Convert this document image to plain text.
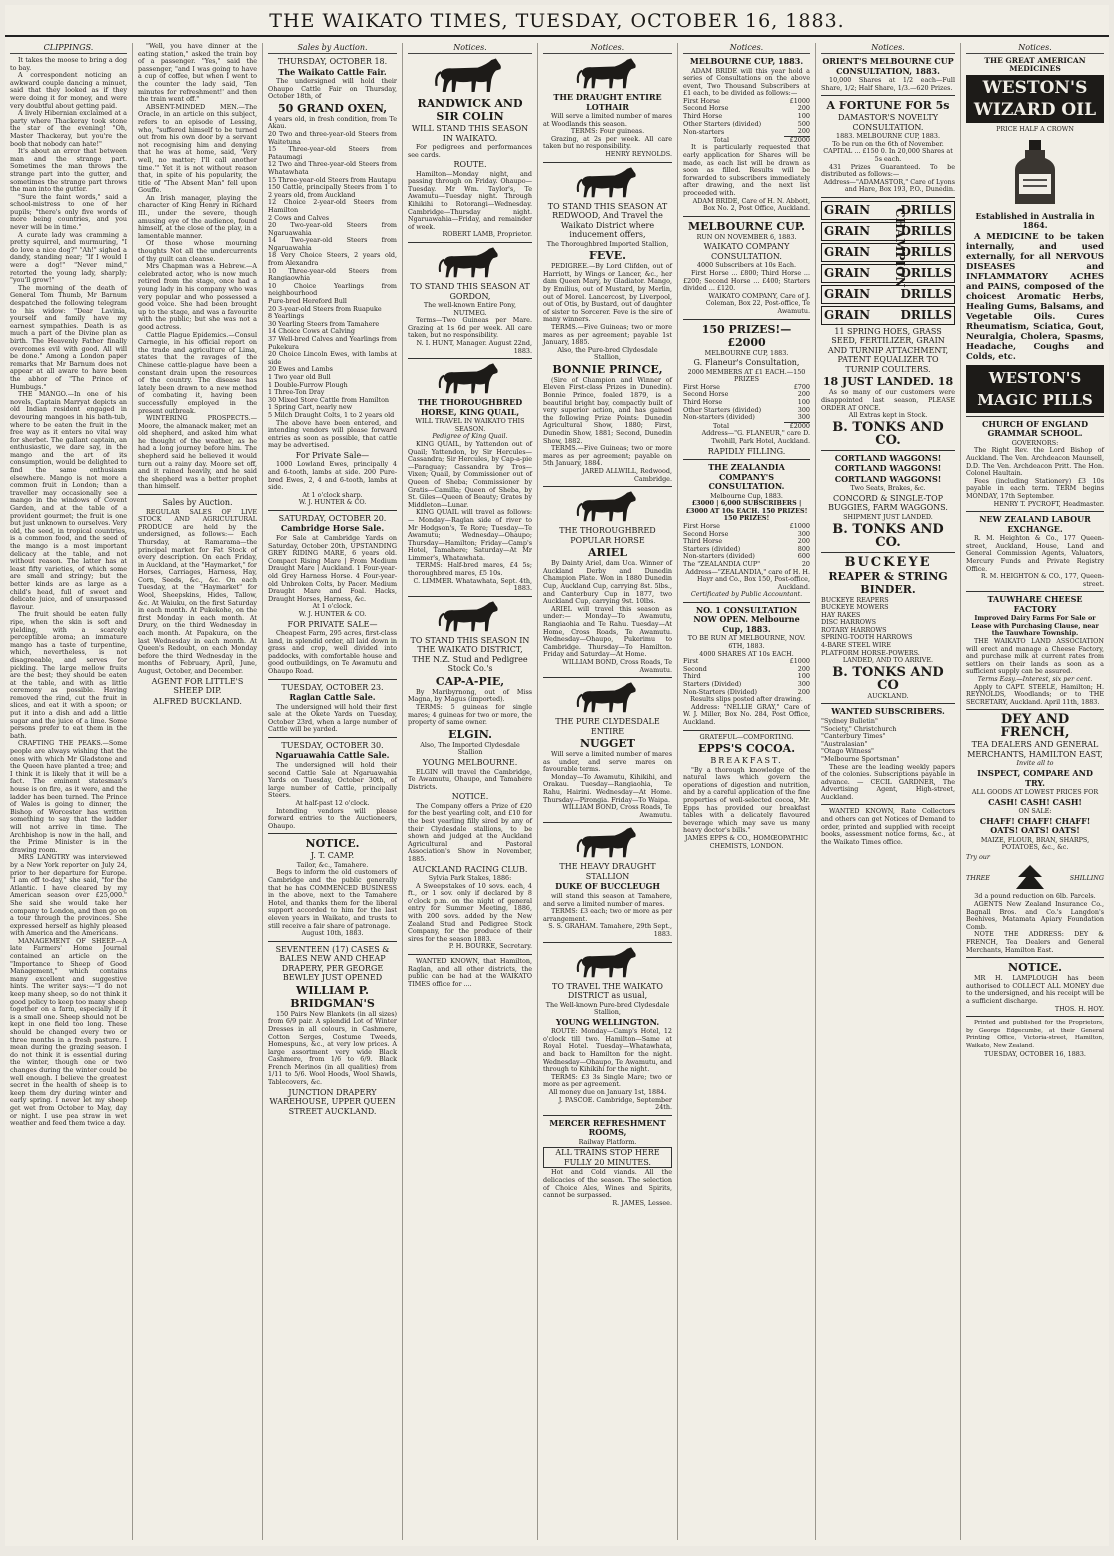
THE WAIKATO TIMES, TUESDAY, OCTOBER 16, 1883.
CLIPPINGS.

It takes the moose to bring a dog to bay.

A correspondent noticing an awkward couple dancing a minuet, said that they looked as if they were doing it for money, and were very doubtful about getting paid.

A lively Hibernian exclaimed at a party where Thackeray took stone the star of the evening! "Oh, Master Thackeray, but you're the boob that nobody can hate!"

It's about an error that between man and the strange part. Sometimes the man throws the strange part into the gutter, and sometimes the strange part throws the man into the gutter.

"Sure the faint words," said a school-mistress to one of her pupils; "there's only five words of more being countries, and you never will be in time."

A curate lady was cramming a pretty squirrel, and murmuring, "I do love a nice dog?" "Ah!" sighed a dandy, standing near; "If I would I were a dog!" "Never mind," retorted the young lady, sharply; "you'll grow!"

The morning of the death of General Tom Thumb, Mr Barnum despatched the following telegram to his widow: "Dear Lavinia, yourself and family have my earnest sympathies. Death is as much a part of the Divine plan as birth. The Heavenly Father finally overcomes evil with good. All will be done." Among a London paper remarks that Mr Barnum does not appear at all aware to have been the abhor of "The Prince of Humbugs."

THE MANGO.—In one of his novels, Captain Marryat depicts an old Indian resident engaged in devouring mangoes in his bath-tub, where to be eaten the fruit in the free way as it enters no vital way for sherbet. The gallant captain, an enthusiastic, we dare say, in the mango and the art of its consumption, would be delighted to find the same enthusiasm elsewhere. Mango is not more a common fruit in London; than a traveller may occasionally see a mango in the windows of Covent Garden, and at the table of a provident gourmet; the fruit is one but just unknown to ourselves. Very old, the seed, in tropical countries, is a common food, and the seed of the mango is a most important delicacy at the table, and not without reason. The latter has at least fifty varieties, of which some are small and stringy; but the better kinds are as large as a child's head, full of sweet and delicate juice, and of unsurpassed flavour.

The fruit should be eaten fully ripe, when the skin is soft and yielding, with a scarcely perceptible aroma; an immature mango has a taste of turpentine, which, nevertheless, is not disagreeable, and serves for pickling. The large mellow fruits are the best; they should be eaten at the table, and with as little ceremony as possible. Having removed the rind, cut the fruit in slices, and eat it with a spoon; or put it into a dish and add a little sugar and the juice of a lime. Some persons prefer to eat them in the bath.

CRAFTING THE PEAKS.—Some people are always wishing that the ones with which Mr Gladstone and the Queen have planted a tree; and I think it is likely that it will be a fact. The eminent statesman's house is on fire, as it were, and the ladder has been turned. The Prince of Wales is going to dinner, the Bishop of Worcester has written something to say that the ladder will not arrive in time. The Archbishop is now in the hall, and the Prime Minister is in the drawing room.

MRS LANGTRY was interviewed by a New York reporter on July 24, prior to her departure for Europe. "I am off to-day," she said, "for the Atlantic. I have cleared by my American season over £25,000." She said she would take her company to London, and then go on a tour through the provinces. She expressed herself as highly pleased with America and the Americans.

MANAGEMENT OF SHEEP.—A late Farmers' Home Journal contained an article on the "Importance to Sheep of Good Management," which contains many excellent and suggestive hints. The writer says:—"I do not keep many sheep, so do not think it good policy to keep too many sheep together on a farm, especially if it is a small one. Sheep should not be kept in one field too long. These should be changed every two or three months in a fresh pasture. I mean during the grazing season. I do not think it is essential during the winter, though one or two changes during the winter could be well enough. I believe the greatest secret in the health of sheep is to keep them dry during winter and early spring. I never let my sheep get wet from October to May, day or night. I use pea straw in wet weather and feed them twice a day.

"Well, you have dinner at the eating station," asked the train boy of a passenger. "Yes," said the passenger, "and I was going to have a cup of coffee, but when I went to the counter the lady said, 'Ten minutes for refreshment!' and then the train went off."

ABSENT-MINDED MEN.—The Oracle, in an article on this subject, refers to an episode of Lessing, who, "suffered himself to be turned out from his own door by a servant not recognising him and denying that he was at home, said, 'Very well, no matter; I'll call another time.'" Yet it is not without reason that, in spite of his popularity, the title of "The Absent Man" fell upon Gouffe.

An Irish manager, playing the character of King Henry in Richard III., under the severe, though amusing eye of the audience, found himself, at the close of the play, in a lamentable manner.

Of those whose mourning thoughts Not all the undercurrents of thy guilt can cleanse.

Mrs Chapman was a Hebrew.—A celebrated actor, who is now much retired from the stage, once had a young lady in his company who was very popular and who possessed a good voice. She had been brought up to the stage, and was a favourite with the public; but she was not a good actress.

Cattle Plague Epidemics.—Consul Carnegie, in his official report on the trade and agriculture of Lima, states that the ravages of the Chinese cattle-plague have been a constant drain upon the resources of the country. The disease has lately been drawn to a new method of combating it, having been successfully employed in the present outbreak.

WINTERING PROSPECTS.—Moore, the almanack maker, met an old shepherd, and asked him what he thought of the weather, as he had a long journey before him. The shepherd said he believed it would turn out a rainy day. Moore set off, and it rained heavily, and he said the shepherd was a better prophet than himself.

Sales by Auction.

REGULAR SALES OF LIVE STOCK AND AGRICULTURAL PRODUCE are held by the undersigned, as follows:— Each Thursday, at Ramarama—the principal market for Fat Stock of every description. On each Friday, in Auckland, at the "Haymarket," for Horses, Carriages, Harness, Hay, Corn, Seeds, &c., &c. On each Tuesday, at the "Haymarket" for Wool, Sheepskins, Hides, Tallow, &c. At Waiuku, on the first Saturday in each month. At Pukekohe, on the first Monday in each month. At Drury, on the third Wednesday in each month. At Papakura, on the last Wednesday in each month. At Queen's Redoubt, on each Monday before the third Wednesday in the months of February, April, June, August, October, and December.

AGENT FOR LITTLE'S SHEEP DIP.
ALFRED BUCKLAND.
Sales by Auction.
THURSDAY, OCTOBER 18.
The Waikato Cattle Fair.

The undersigned will hold their Ohaupo Cattle Fair on Thursday, October 18th, of

50 GRAND OXEN,
4 years old, in fresh condition, from Te Akau.
20 Two and three-year-old Steers from Waitetuna
15 Three-year-old Steers from Pataumagi
12 Two and Three-year-old Steers from Whatawhata
15 Three-year-old Steers from Hautapu
150 Cattle, principally Steers from 1 to 2 years old, from Auckland
12 Choice 2-year-old Steers from Hamilton
2 Cows and Calves
20 Two-year-old Steers from Ngaruawahia
14 Two-year-old Steers from Ngaruawahia
18 Very Choice Steers, 2 years old, from Alexandra
10 Three-year-old Steers from Rangiaowhia
10 Choice Yearlings from neighbourhood
Pure-bred Hereford Bull
20 3-year-old Steers from Ruapuke
8 Yearlings
30 Yearling Steers from Tamahere
14 Choice Cows at Calving
37 Well-bred Calves and Yearlings from Pukekura
20 Choice Lincoln Ewes, with lambs at side
20 Ewes and Lambs
1 Two year old Bull
1 Double-Furrow Plough
1 Three-Ton Dray
30 Mixed Store Cattle from Hamilton
1 Spring Cart, nearly new
5 Milch Draught Colts, 1 to 2 years old

The above have been entered, and intending vendors will please forward entries as soon as possible, that cattle may be advertised.

For Private Sale—

1000 Lowland Ewes, principally 4 and 6-tooth, lambs at side. 200 Pure-bred Ewes, 2, 4 and 6-tooth, lambs at side.

At 1 o'clock sharp.
W. J. HUNTER & CO.
SATURDAY, OCTOBER 20.
Cambridge Horse Sale.

For Sale at Cambridge Yards on Saturday, October 20th, UPSTANDING GREY RIDING MARE, 6 years old. Compact Rising Mare | From Medium Draught Mare | Auckland. 1 Four-year-old Grey Harness Horse. 4 Four-year-old Unbroken Colts, by Pacer. Medium Draught Mare and Foal. Hacks, Draught Horses, Harness, &c.

At 1 o'clock.
W. J. HUNTER & CO.
FOR PRIVATE SALE—

Cheapest Farm, 295 acres, first-class land, in splendid order, all laid down in grass and crop, well divided into paddocks, with comfortable house and good outbuildings, on Te Awamutu and Ohaupo Road.

TUESDAY, OCTOBER 23.
Raglan Cattle Sale.

The undersigned will hold their first sale at the Okete Yards on Tuesday, October 23rd, when a large number of Cattle will be yarded.

TUESDAY, OCTOBER 30.
Ngaruawahia Cattle Sale.

The undersigned will hold their second Cattle Sale at Ngaruawahia Yards on Tuesday, October 30th, of large number of Cattle, principally Steers.

At half-past 12 o'clock.

Intending vendors will please forward entries to the Auctioneers, Ohaupo.

NOTICE.
J. T. CAMP.
Tailor, &c., Tamahere.

Begs to inform the old customers of Cambridge and the public generally that he has COMMENCED BUSINESS in the above, next to the Tamahere Hotel, and thanks them for the liberal support accorded to him for the last eleven years in Waikato, and trusts to still receive a fair share of patronage.

August 10th, 1883.
SEVENTEEN (17) CASES & BALES NEW AND CHEAP DRAPERY, PER GEORGE BEWLEY JUST OPENED
WILLIAM P. BRIDGMAN'S

150 Pairs New Blankets (in all sizes) from 6/9 pair. A splendid Lot of Winter Dresses in all colours, in Cashmere, Cotton Serges, Costume Tweeds, Homespuns, &c., at very low prices. A large assortment very wide Black Cashmere, from 1/6 to 6/9. Black French Merinos (in all qualities) from 1/11 to 5/6. Wool Hoods, Wool Shawls, Tablecovers, &c.

JUNCTION DRAPERY WAREHOUSE, UPPER QUEEN STREET AUCKLAND.
Notices.
RANDWICK AND SIR COLIN
WILL STAND THIS SEASON IN WAIKATO.

For pedigrees and performances see cards.

ROUTE.

Hamilton—Monday night, and passing through on Friday. Ohaupo—Tuesday. Mr Wm. Taylor's, Te Awamutu—Tuesday night. Through Kihikihi to Rotorangi—Wednesday. Cambridge—Thursday night. Ngaruawahia—Friday, and remainder of week.

ROBERT LAMB, Proprietor.
TO STAND THIS SEASON AT GORDON,
The well-known Entire Pony, NUTMEG.

Terms—Two Guineas per Mare. Grazing at 1s 6d per week. All care taken, but no responsibility.

N. I. HUNT, Manager. August 22nd, 1883.
THE THOROUGHBRED HORSE, KING QUAIL,
WILL TRAVEL IN WAIKATO THIS SEASON.
Pedigree of King Quail.

KING QUAIL, by Yattendon out of Quail; Yattendon, by Sir Hercules—Cassandra; Sir Hercules, by Cap-a-pie—Paraguay; Cassandra by Tros—Vixen; Quail, by Commissioner out of Queen of Sheba; Commissioner by Gratis—Camilla; Queen of Sheba, by St. Giles—Queen of Beauty; Grates by Middleton—Lunar.

KING QUAIL will travel as follows:— Monday—Raglan side of river to Mr Hodgson's, Te Rore; Tuesday—Te Awamutu; Wednesday—Ohaupo; Thursday—Hamilton; Friday—Camp's Hotel, Tamahere; Saturday—At Mr Limmer's, Whatawhata.

TERMS: Half-bred mares, £4 5s; thoroughbred mares, £5 10s.

C. LIMMER. Whatawhata, Sept. 4th, 1883.
TO STAND THIS SEASON IN THE WAIKATO DISTRICT, THE N.Z. Stud and Pedigree Stock Co.'s
CAP-A-PIE,

By Maribyrnong, out of Miss Magna, by Magus (imported).

TERMS: 5 guineas for single mares; 4 guineas for two or more, the property of same owner.

ELGIN.
Also, The Imported Clydesdale Stallion
YOUNG MELBOURNE.

ELGIN will travel the Cambridge, Te Awamutu, Ohaupo, and Tamahere Districts.

NOTICE.

The Company offers a Prize of £20 for the best yearling colt, and £10 for the best yearling filly sired by any of their Clydesdale stallions, to be shown and judged at the Auckland Agricultural and Pastoral Association's Show in November, 1885.

AUCKLAND RACING CLUB.
Sylvia Park Stakes, 1886:

A Sweepstakes of 10 sovs. each, 4 ft., or 1 sov. only if declared by 8 o'clock p.m. on the night of general entry for Summer Meeting, 1886, with 200 sovs. added by the New Zealand Stud and Pedigree Stock Company, for the produce of their sires for the season 1883.

P. H. BOURKE, Secretary.

WANTED KNOWN, that Hamilton, Raglan, and all other districts, the public can be had at the WAIKATO TIMES office for ....

Notices.
THE DRAUGHT ENTIRE LOTHAIR

Will serve a limited number of mares at Woodlands this season.

TERMS: Four guineas.

Grazing, at 2s per week. All care taken but no responsibility.

HENRY REYNOLDS.
TO STAND THIS SEASON AT REDWOOD, And Travel the Waikato District where inducement offers,
The Thoroughbred Imported Stallion,
FEVE.

PEDIGREE.—By Lord Clifden, out of Harriott, by Wings or Lancer, &c., her dam Queen Mary, by Gladiator. Mango, by Emilius, out of Mustard, by Merlin, out of Morel. Lancercost, by Liverpool, out of Otis, by Bustard, out of daughter of sister to Sorcerer. Feve is the sire of many winners.

TERMS.—Five Guineas; two or more mares as per agreement; payable 1st January, 1885.

Also, the Pure-bred Clydesdale Stallion,
BONNIE PRINCE,

(Sire of Champion and Winner of Eleven First-class Prizes in Dunedin). Bonnie Prince, foaled 1879, is a beautiful bright bay, compactly built of very superior action, and has gained the following Prize Points: Dunedin Agricultural Show, 1880; First, Dunedin Show, 1881; Second, Dunedin Show, 1882.

TERMS.—Five Guineas; two or more mares as per agreement; payable on 5th January, 1884.

JARED ALLWILL, Redwood, Cambridge.
THE THOROUGHBRED POPULAR HORSE
ARIEL

By Dainty Ariel, dam Uca. Winner of Auckland Derby and Dunedin Champion Plate. Won in 1880 Dunedin Cup, Auckland Cup, carrying 8st. 5lbs., and Canterbury Cup in 1877, two Auckland Cup, carrying 9st. 10lbs.

ARIEL will travel this season as under:— Monday—To Awamutu, Rangiaohia and Te Rahu. Tuesday—At Home, Cross Roads, Te Awamutu. Wednesday—Ohaupo, Pukerimu to Cambridge. Thursday—To Hamilton. Friday and Saturday—At Home.

WILLIAM BOND, Cross Roads, Te Awamutu.
THE PURE CLYDESDALE ENTIRE
NUGGET

Will serve a limited number of mares as under, and serve mares on favourable terms.

Monday—To Awamutu, Kihikihi, and Orakau. Tuesday—Rangiaohia, Te Rahu, Hairini. Wednesday—At Home. Thursday—Pirongia. Friday—To Waipa.

WILLIAM BOND, Cross Roads, Te Awamutu.
THE HEAVY DRAUGHT STALLION
DUKE OF BUCCLEUGH

will stand this season at Tamahere, and serve a limited number of mares.

TERMS: £3 each; two or more as per arrangement.

S. S. GRAHAM. Tamahere, 29th Sept., 1883.
TO TRAVEL THE WAIKATO DISTRICT as usual,
The Well-known Pure-bred Clydesdale Stallion,
YOUNG WELLINGTON.

ROUTE: Monday—Camp's Hotel, 12 o'clock till two. Hamilton—Same at Royal Hotel. Tuesday—Whatawhata, and back to Hamilton for the night. Wednesday—Ohaupo, Te Awamutu, and through to Kihikihi for the night.

TERMS: £3 3s Single Mare; two or more as per agreement.

All money due on January 1st, 1884.
J. PASCOE. Cambridge, September 24th.
MERCER REFRESHMENT ROOMS,
Railway Platform.
ALL TRAINS STOP HERE FULLY 20 MINUTES.

Hot and Cold viands. All the delicacies of the season. The selection of Choice Ales, Wines and Spirits, cannot be surpassed.

R. JAMES, Lessee.
Notices.
MELBOURNE CUP, 1883.

ADAM BRIDE will this year hold a series of Consultations on the above event, Two Thousand Subscribers at £1 each, to be divided as follows:—

First Horse	£1000
Second Horse	200
Third Horse	100
Other Starters (divided)	500
Non-starters	200
Total	£2000

It is particularly requested that early application for Shares will be made, as each list will be drawn as soon as filled. Results will be forwarded to subscribers immediately after drawing, and the next list proceeded with.

ADAM BRIDE, Care of H. N. Abbott, Box No. 2, Post Office, Auckland.
MELBOURNE CUP.
RUN ON NOVEMBER 6, 1883.
WAIKATO COMPANY CONSULTATION.
4000 Subscribers at 10s Each.

First Horse ... £800; Third Horse ... £200; Second Horse ... £400; Starters divided ... £120.

WAIKATO COMPANY, Care of J. Coleman, Box 22, Post-office, Te Awamutu.
150 PRIZES!—£2000
MELBOURNE CUP, 1883.
G. Flaneur's Consultation,
2000 MEMBERS AT £1 EACH.—150 PRIZES
First Horse	£700
Second Horse	200
Third Horse	100
Other Starters (divided)	300
Non-starters (divided)	300
Total	£2000
Address—"G. FLANEUR," care D. Twohill, Park Hotel, Auckland.
RAPIDLY FILLING.
THE ZEALANDIA COMPANY'S CONSULTATION.
Melbourne Cup, 1883.
£3000 | 6,000 SUBSCRIBERS | £3000 AT 10s EACH. 150 PRIZES! 150 PRIZES!
First Horse	£1000
Second Horse	300
Third Horse	200
Starters (divided)	800
Non-starters (divided)	600
The "ZEALANDIA CUP"	20
Address—"ZEALANDIA," care of H. H. Hayr and Co., Box 150, Post-office, Auckland.
Certificated by Public Accountant.
NO. 1 CONSULTATION NOW OPEN. Melbourne Cup, 1883.
TO BE RUN AT MELBOURNE, NOV. 6TH, 1883.
4000 SHARES AT 10s EACH.
First	£1000
Second	200
Third	100
Starters (Divided)	300
Non-Starters (Divided)	200
Results slips posted after drawing.

Address: "NELLIE GRAY," Care of W. J. Miller, Box No. 284, Post Office, Auckland.

GRATEFUL—COMFORTING.
EPPS'S COCOA.
BREAKFAST.

"By a thorough knowledge of the natural laws which govern the operations of digestion and nutrition, and by a careful application of the fine properties of well-selected cocoa, Mr. Epps has provided our breakfast tables with a delicately flavoured beverage which may save us many heavy doctor's bills."

JAMES EPPS & CO., HOMŒOPATHIC CHEMISTS, LONDON.
Notices.
ORIENT'S MELBOURNE CUP CONSULTATION, 1883.

10,000 Shares at 1/2 each—Full Share, 1/2; Half Share, 1/3.—620 Prizes.

A FORTUNE FOR 5s
DAMASTOR'S NOVELTY CONSULTATION.
1883. MELBOURNE CUP, 1883.
To be run on the 6th of November.
CAPITAL ... £150 0. In 20,000 Shares at 5s each.

431 Prizes Guaranteed. To be distributed as follows:—

Address—"ADAMASTOR," Care of Lyons and Hare, Box 193, P.O., Dunedin.
GRAIN	DRILLS
GRAIN	DRILLS
GRAIN	DRILLS
GRAIN	DRILLS
GRAIN	DRILLS
GRAIN	DRILLS
CHAMPION
11 SPRING HOES, GRASS SEED, FERTILIZER, GRAIN AND TURNIP ATTACHMENT, PATENT EQUALIZER TO TURNIP COULTERS.
18 JUST LANDED. 18

As so many of our customers were disappointed last season, PLEASE ORDER AT ONCE.

All Extras kept in Stock.
B. TONKS AND CO.
CORTLAND WAGGONS!
CORTLAND WAGGONS!
CORTLAND WAGGONS!
Two Seats, Brakes, &c.
CONCORD & SINGLE-TOP BUGGIES, FARM WAGGONS.
SHIPMENT JUST LANDED.
B. TONKS AND CO.
BUCKEYE
REAPER & STRING BINDER.
BUCKEYE REAPERS
BUCKEYE MOWERS
HAY RAKES
DISC HARROWS
ROTARY HARROWS
SPRING-TOOTH HARROWS
4-BARE STEEL WIRE
PLATFORM HORSE-POWERS.
LANDED, AND TO ARRIVE.
B. TONKS AND CO
AUCKLAND.
WANTED SUBSCRIBERS.
"Sydney Bulletin"
"Society," Christchurch
"Canterbury Times"
"Australasian"
"Otago Witness"
"Melbourne Sportsman"

These are the leading weekly papers of the colonies. Subscriptions payable in advance. — CECIL GARDNER, The Advertising Agent, High-street, Auckland.

WANTED KNOWN, Rate Collectors and others can get Notices of Demand to order, printed and supplied with receipt books, assessment notice forms, &c., at the Waikato Times office.

Notices.
THE GREAT AMERICAN MEDICINES
WESTON'S WIZARD OIL
PRICE HALF A CROWN
Established in Australia in 1864.

A MEDICINE to be taken internally, and used externally, for all NERVOUS DISEASES and INFLAMMATORY ACHES and PAINS, composed of the choicest Aromatic Herbs, Healing Gums, Balsams, and Vegetable Oils. Cures Rheumatism, Sciatica, Gout, Neuralgia, Cholera, Spasms, Headache, Coughs and Colds, etc.

WESTON'S MAGIC PILLS
CHURCH OF ENGLAND GRAMMAR SCHOOL.
GOVERNORS:

The Right Rev. the Lord Bishop of Auckland. The Ven. Archdeacon Maunsell, D.D. The Ven. Archdeacon Pritt. The Hon. Colonel Haultain.

Fees (including Stationery) £3 10s payable in each term. TERM begins MONDAY, 17th September.

HENRY T. PYCROFT, Headmaster.
NEW ZEALAND LABOUR EXCHANGE.

R. M. Heighton & Co., 177 Queen-street, Auckland, House, Land and General Commission Agents, Valuators, Mercury Funds and Private Registry Office.

R. M. HEIGHTON & CO., 177, Queen-street.
TAUWHARE CHEESE FACTORY
Improved Dairy Farms For Sale or Lease with Purchasing Clause, near the Tauwhare Township.

THE WAIKATO LAND ASSOCIATION will erect and manage a Cheese Factory, and purchase milk at current rates from settlers on their lands as soon as a sufficient supply can be assured.

Terms Easy.—Interest, six per cent.

Apply to CAPT. STEELE, Hamilton; H. REYNOLDS, Woodlands; or to THE SECRETARY, Auckland. April 11th, 1883.

DEY AND FRENCH,
TEA DEALERS AND GENERAL MERCHANTS, HAMILTON EAST,
Invite all to
INSPECT, COMPARE AND TRY.
ALL GOODS AT LOWEST PRICES FOR
CASH! CASH! CASH!
ON SALE:
CHAFF! CHAFF! CHAFF! OATS! OATS! OATS!
MAIZE, FLOUR, BRAN, SHARPS, POTATOES, &c., &c.
Try our
THREE	SHILLING
3d a pound reduction on 6lb. Parcels.

AGENTS New Zealand Insurance Co., Bagnall Bros. and Co.'s Langdon's Beehives, Matamata Apiary Foundation Comb.

NOTE THE ADDRESS: DEY & FRENCH, Tea Dealers and General Merchants, Hamilton East.

NOTICE.

MR H. LAMPLOUGH has been authorised to COLLECT ALL MONEY due to the undersigned, and his receipt will be a sufficient discharge.

THOS. H. HOY.

Printed and published for the Proprietors, by George Edgecumbe, at their General Printing Office, Victoria-street, Hamilton, Waikato, New Zealand.

TUESDAY, OCTOBER 16, 1883.
